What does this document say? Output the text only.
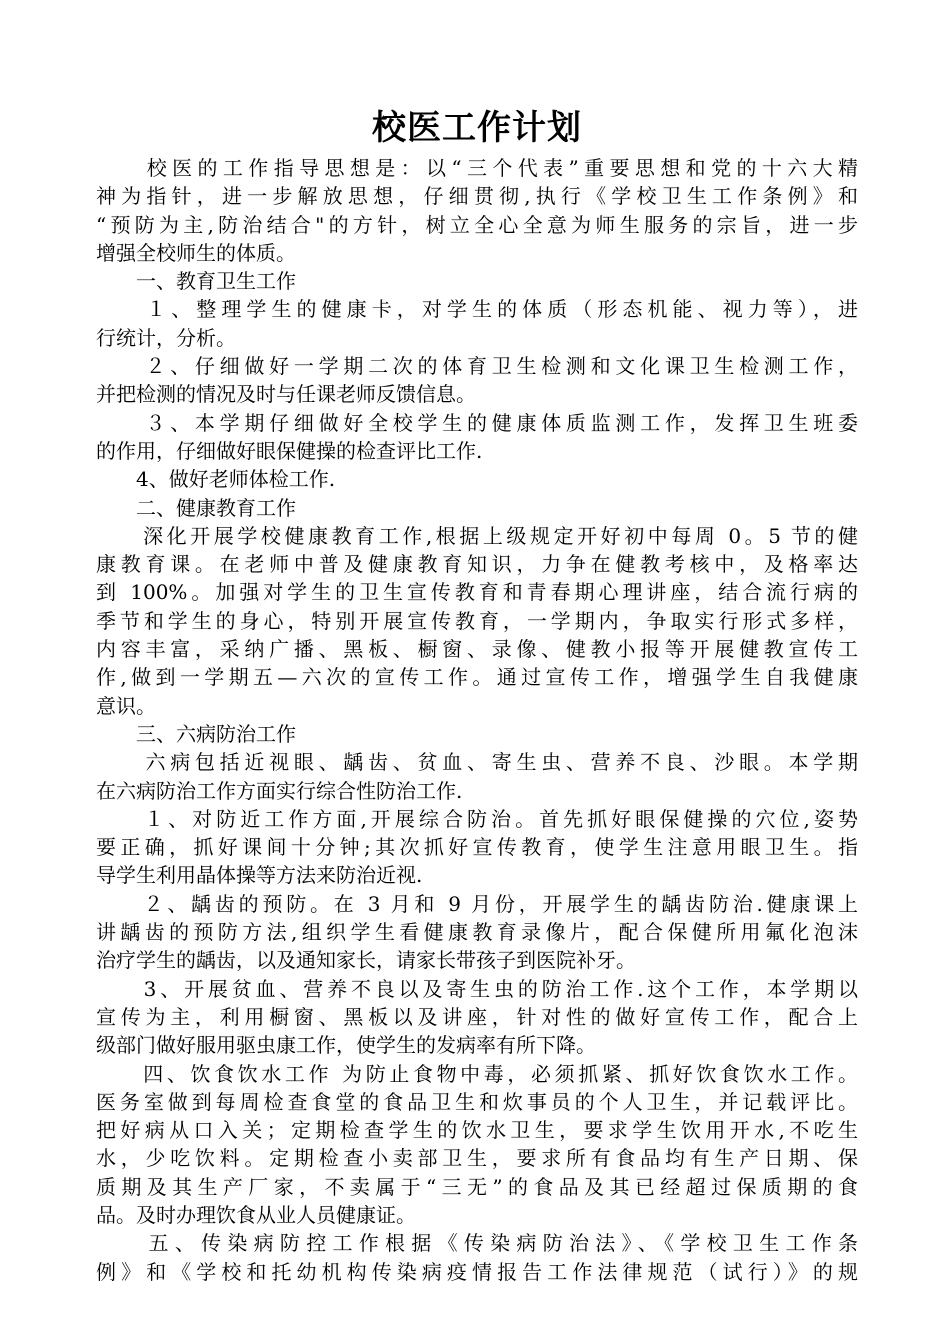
校医工作计划
　　校医的工作指导思想是：以“三个代表”重要思想和党的十六大精
神为指针，进一步解放思想，仔细贯彻,执行《学校卫生工作条例》和
“预防为主,防治结合"的方针，树立全心全意为师生服务的宗旨，进一步
增强全校师生的体质。
　　一、教育卫生工作
　　１、整理学生的健康卡，对学生的体质（形态机能、视力等），进
行统计，分析。
　　２、仔细做好一学期二次的体育卫生检测和文化课卫生检测工作，
并把检测的情况及时与任课老师反馈信息。
　　３、本学期仔细做好全校学生的健康体质监测工作，发挥卫生班委
的作用，仔细做好眼保健操的检查评比工作.
　　4、做好老师体检工作.
　　二、健康教育工作
　　深化开展学校健康教育工作,根据上级规定开好初中每周 0。5 节的健
康教育课。在老师中普及健康教育知识，力争在健教考核中，及格率达
到 100%。加强对学生的卫生宣传教育和青春期心理讲座，结合流行病的
季节和学生的身心，特别开展宣传教育，一学期内，争取实行形式多样，
内容丰富，采纳广播、黑板、橱窗、录像、健教小报等开展健教宣传工
作,做到一学期五—六次的宣传工作。通过宣传工作，增强学生自我健康
意识。
　　三、六病防治工作
　　六病包括近视眼、龋齿、贫血、寄生虫、营养不良、沙眼。本学期
在六病防治工作方面实行综合性防治工作.
　　１、对防近工作方面,开展综合防治。首先抓好眼保健操的穴位,姿势
要正确，抓好课间十分钟;其次抓好宣传教育，使学生注意用眼卫生。指
导学生利用晶体操等方法来防治近视.
　　２、龋齿的预防。在 3 月和 9 月份，开展学生的龋齿防治.健康课上
讲龋齿的预防方法,组织学生看健康教育录像片，配合保健所用氟化泡沫
治疗学生的龋齿，以及通知家长，请家长带孩子到医院补牙。
　　3、开展贫血、营养不良以及寄生虫的防治工作.这个工作，本学期以
宣传为主，利用橱窗、黑板以及讲座，针对性的做好宣传工作，配合上
级部门做好服用驱虫康工作，使学生的发病率有所下降。
　　四、饮食饮水工作 为防止食物中毒，必须抓紧、抓好饮食饮水工作。
医务室做到每周检查食堂的食品卫生和炊事员的个人卫生，并记载评比。
把好病从口入关；定期检查学生的饮水卫生，要求学生饮用开水,不吃生
水，少吃饮料。定期检查小卖部卫生，要求所有食品均有生产日期、保
质期及其生产厂家，不卖属于“三无”的食品及其已经超过保质期的食
品。及时办理饮食从业人员健康证。
　　五、传染病防控工作根据《传染病防治法》、《学校卫生工作条
例》和《学校和托幼机构传染病疫情报告工作法律规范（试行）》的规
